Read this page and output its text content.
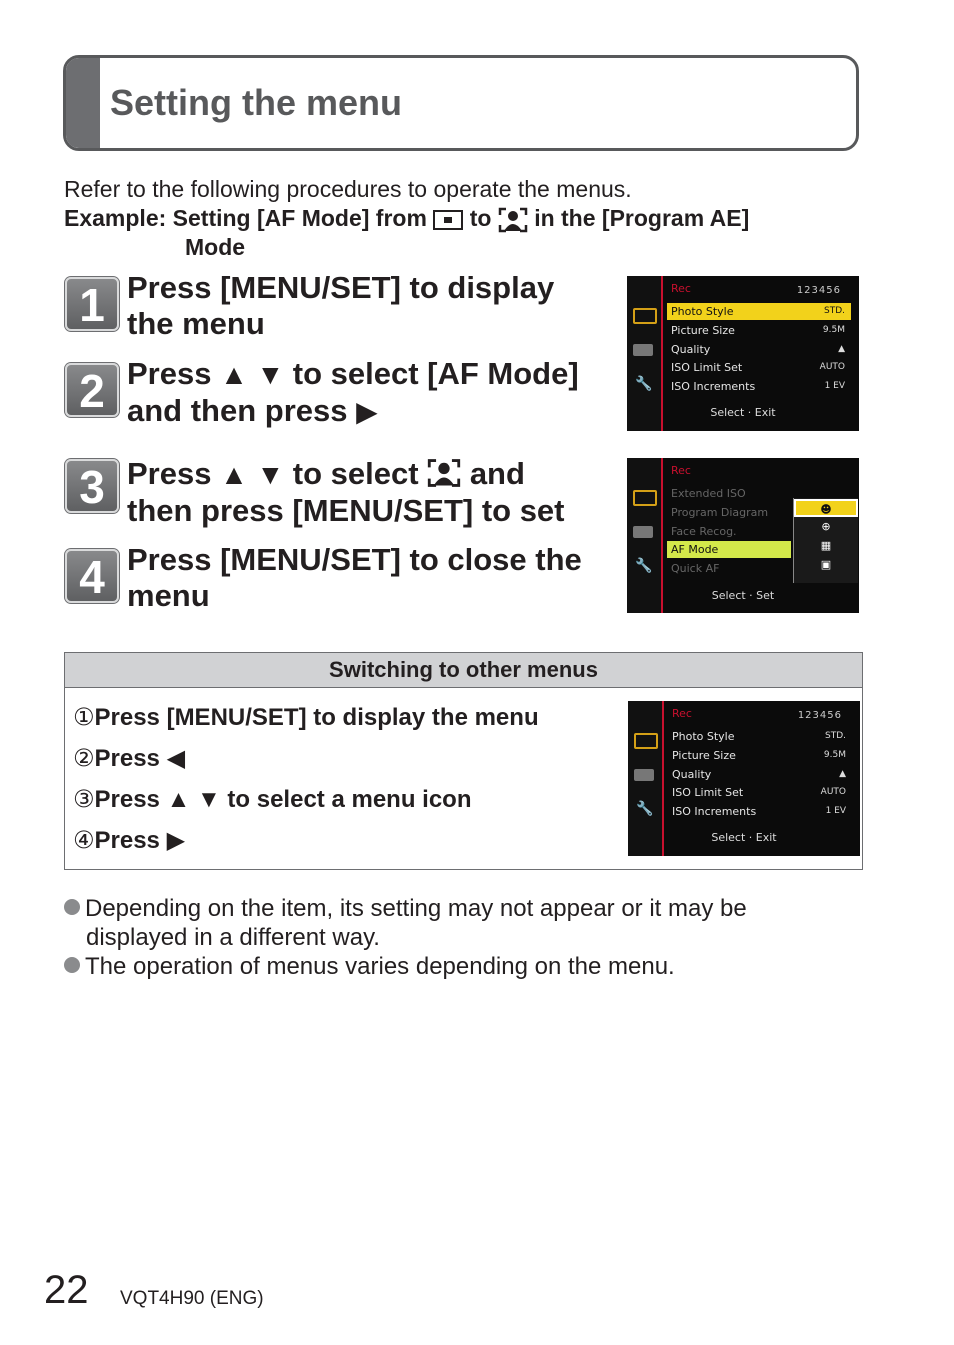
Setting the menu
Refer to the following procedures to operate the menus.
Example: Setting [AF Mode] from to in the [Program AE]
Mode
1 Press [MENU/SET] to display
the menu
2 Press ▲ ▼ to select [AF Mode]
and then press ▶
🔧
Rec	123456
Photo Style	STD.
Picture Size	9.5M
Quality	▲
ISO Limit Set	AUTO
ISO Increments	1 EV
Select · Exit
3 Press ▲ ▼ to select and
then press [MENU/SET] to set
4 Press [MENU/SET] to close the
menu
🔧
Rec
Extended ISO
Program Diagram
Face Recog.
AF Mode
Quick AF
☻
⊕
▦
▣
Select · Set
Switching to other menus
①Press [MENU/SET] to display the menu
②Press ◀
③Press ▲ ▼ to select a menu icon
④Press ▶
🔧
Rec	123456
Photo Style	STD.
Picture Size	9.5M
Quality	▲
ISO Limit Set	AUTO
ISO Increments	1 EV
Select · Exit
Depending on the item, its setting may not appear or it may be
displayed in a different way.
The operation of menus varies depending on the menu.
22 VQT4H90 (ENG)
